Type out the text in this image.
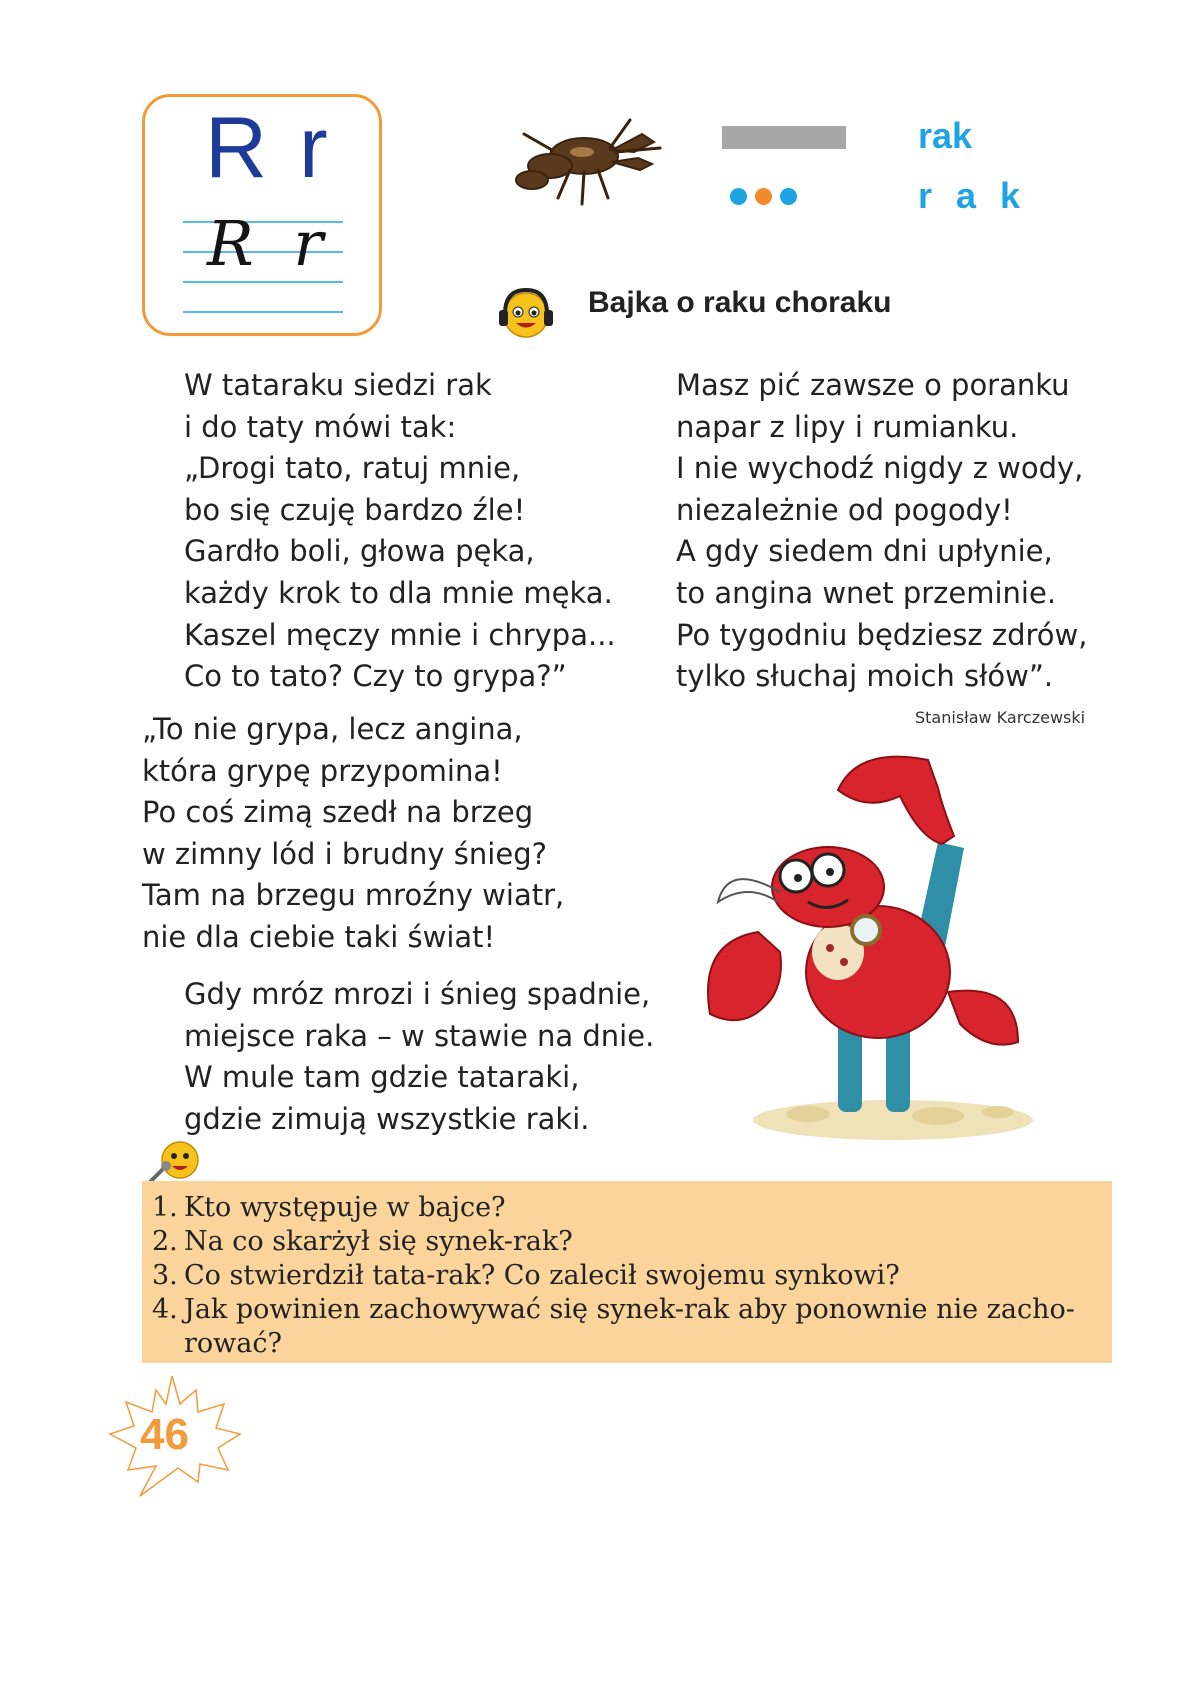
R r
R r
rak
r a k
Bajka o raku choraku
W tataraku siedzi rak
i do taty mówi tak:
„Drogi tato, ratuj mnie,
bo się czuję bardzo źle!
Gardło boli, głowa pęka,
każdy krok to dla mnie męka.
Kaszel męczy mnie i chrypa...
Co to tato? Czy to grypa?”
Masz pić zawsze o poranku
napar z lipy i rumianku.
I nie wychodź nigdy z wody,
niezależnie od pogody!
A gdy siedem dni upłynie,
to angina wnet przeminie.
Po tygodniu będziesz zdrów,
tylko słuchaj moich słów”.
Stanisław Karczewski
„To nie grypa, lecz angina,
która grypę przypomina!
Po coś zimą szedł na brzeg
w zimny lód i brudny śnieg?
Tam na brzegu mroźny wiatr,
nie dla ciebie taki świat!
Gdy mróz mrozi i śnieg spadnie,
miejsce raka – w stawie na dnie.
W mule tam gdzie tataraki,
gdzie zimują wszystkie raki.
1. Kto występuje w bajce?
2. Na co skarżył się synek-rak?
3. Co stwierdził tata-rak? Co zalecił swojemu synkowi?
4. Jak powinien zachowywać się synek-rak aby ponownie nie zacho-
rować?
46
